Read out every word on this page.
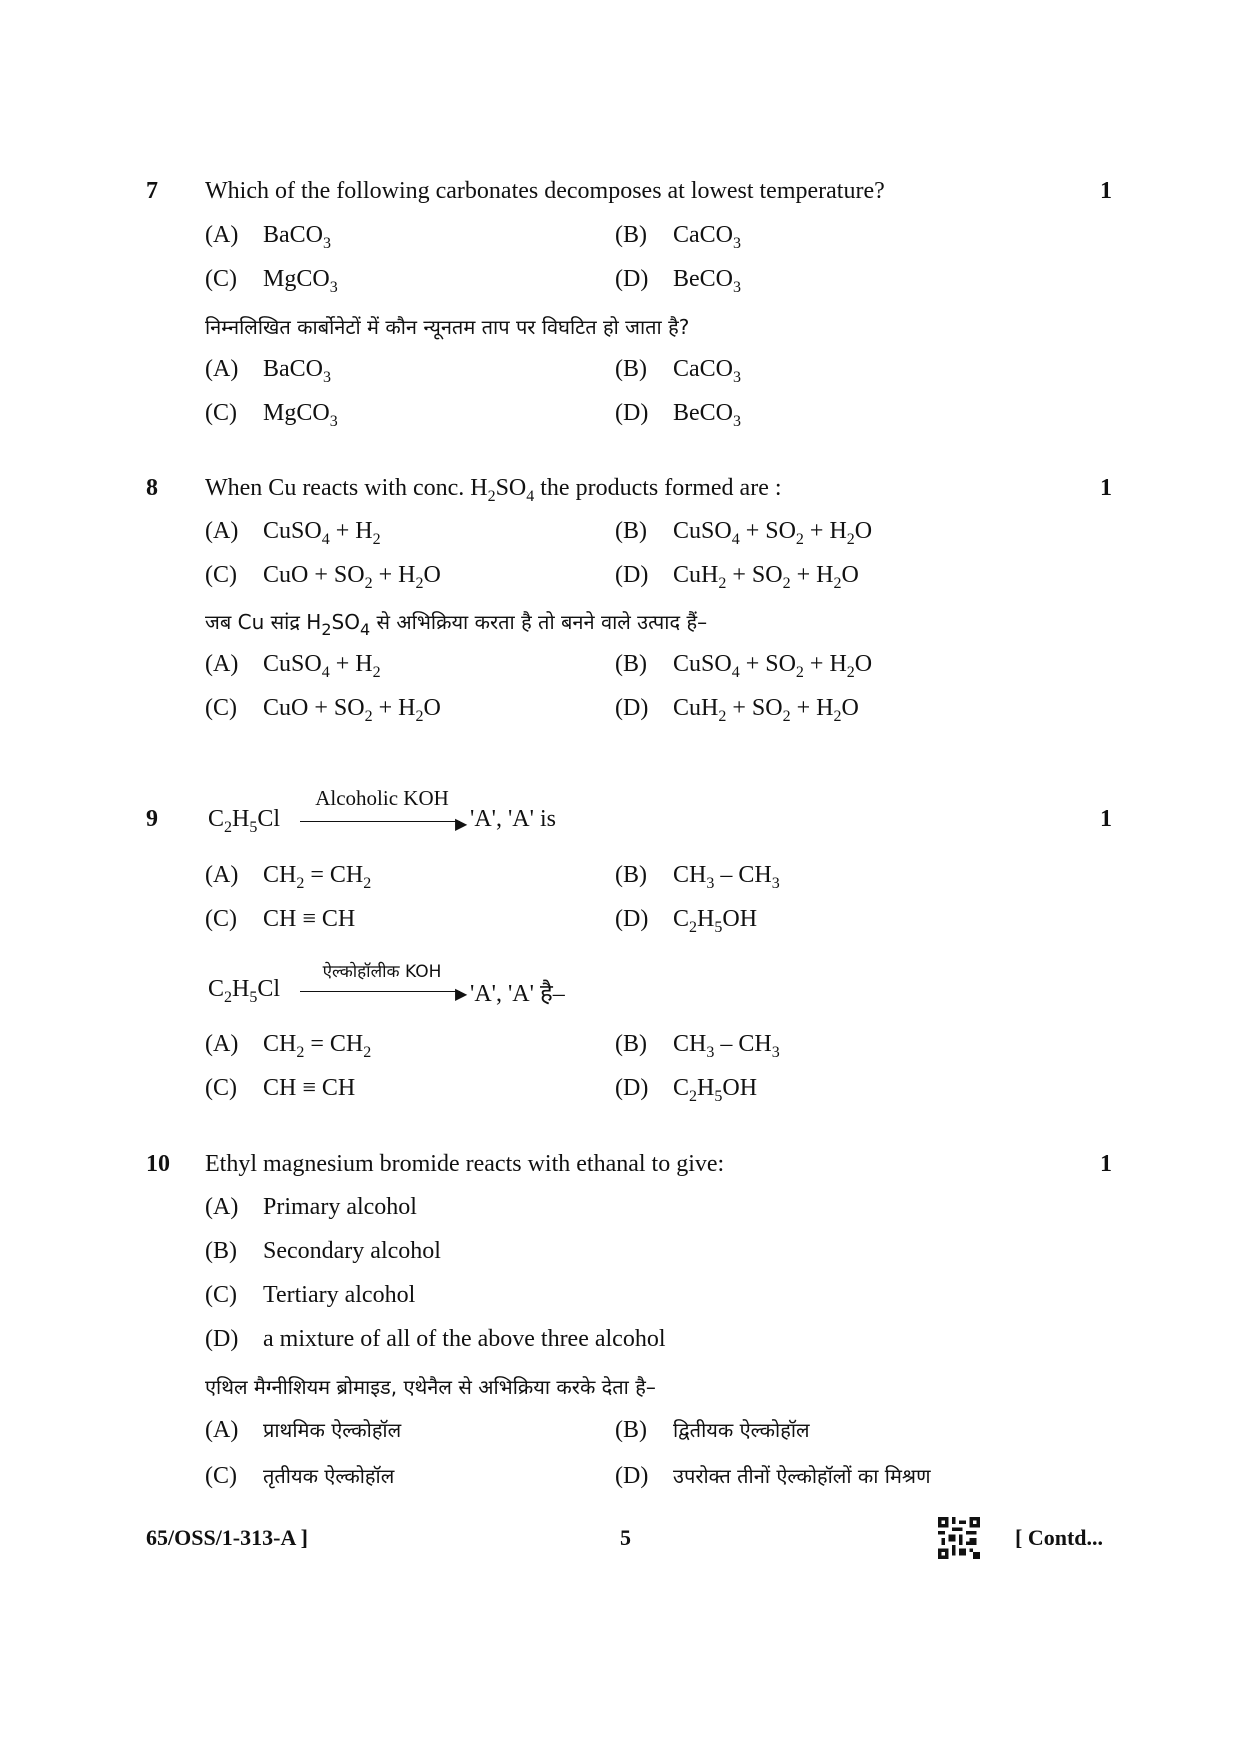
7 Which of the following carbonates decomposes at lowest temperature?	1
(A) BaCO$_3$	(B) CaCO$_3$
(C) MgCO$_3$	(D) BeCO$_3$
निम्नलिखित कार्बोनेटों में कौन न्यूनतम ताप पर विघटित हो जाता है?
(A) BaCO$_3$	(B) CaCO$_3$
(C) MgCO$_3$	(D) BeCO$_3$
8 When Cu reacts with conc. $H_2SO_4$ the products formed are :	1
(A) CuSO$_4$ + $H_2$	(B) CuSO$_4$ + $SO_2 + H_2O$
(C) CuO + $SO_2 + H_2O$	(D) $CuH_2 + SO_2 + H_2O$
जब Cu सांद्र $H_2SO_4$ से अभिक्रिया करता है तो बनने वाले उत्पाद हैं–
(A) CuSO$_4$ + $H_2$	(B) CuSO$_4$ + $SO_2 + H_2O$
(C) CuO + $SO_2 + H_2O$	(D) $CuH_2 + SO_2 + H_2O$
9	1
$C_2H_5Cl$
Alcoholic KOH
▶ 'A', 'A' is
(A) $CH_2 = CH_2$	(B) $CH_3 - CH_3$
(C) CH ≡ CH	(D) $C_2H_5OH$
$C_2H_5Cl$
ऐल्कोहॉलीक KOH
▶ 'A', 'A' है–
(A) $CH_2 = CH_2$	(B) $CH_3 - CH_3$
(C) CH ≡ CH	(D) $C_2H_5OH$
10 Ethyl magnesium bromide reacts with ethanal to give:	1
(A) Primary alcohol
(B) Secondary alcohol
(C) Tertiary alcohol
(D) a mixture of all of the above three alcohol
एथिल मैग्नीशियम ब्रोमाइड, एथेनैल से अभिक्रिया करके देता है–
(A) प्राथमिक ऐल्कोहॉल	(B) द्वितीयक ऐल्कोहॉल
(C) तृतीयक ऐल्कोहॉल	(D) उपरोक्त तीनों ऐल्कोहॉलों का मिश्रण
65/OSS/1-313-A ]	5	[ Contd...
